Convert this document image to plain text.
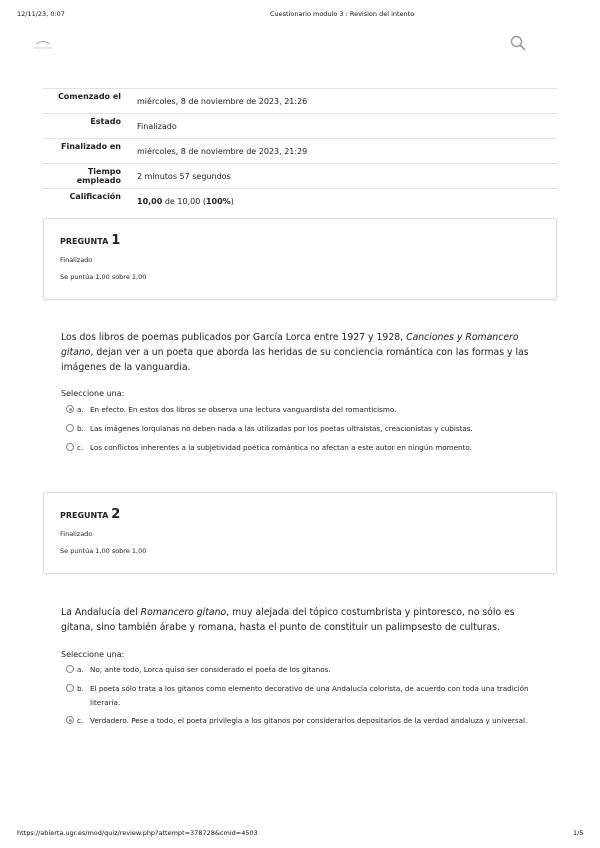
12/11/23, 0:07	Cuestionario modulo 3 : Revision del intento
Comenzado el	miércoles, 8 de noviembre de 2023, 21:26
Estado	Finalizado
Finalizado en	miércoles, 8 de noviembre de 2023, 21:29
Tiempo empleado	2 minutos 57 segundos
Calificación	10,00 de 10,00 (100%)
PREGUNTA 1
Finalizado
Se puntúa 1,00 sobre 1,00
Los dos libros de poemas publicados por García Lorca entre 1927 y 1928, Canciones y Romancero gitano, dejan ver a un poeta que aborda las heridas de su conciencia romántica con las formas y las imágenes de la vanguardia.
Seleccione una:
a. En efecto. En estos dos libros se observa una lectura vanguardista del romanticismo.
b. Las imágenes lorquianas no deben nada a las utilizadas por los poetas ultraístas, creacionistas y cubistas.
c. Los conflictos inherentes a la subjetividad poética romántica no afectan a este autor en ningún momento.
PREGUNTA 2
Finalizado
Se puntúa 1,00 sobre 1,00
La Andalucía del Romancero gitano, muy alejada del tópico costumbrista y pintoresco, no sólo es gitana, sino también árabe y romana, hasta el punto de constituir un palimpsesto de culturas.
Seleccione una:
a. No; ante todo, Lorca quiso ser considerado el poeta de los gitanos.
b. El poeta sólo trata a los gitanos como elemento decorativo de una Andalucía colorista, de acuerdo con toda una tradición literaria.
c. Verdadero. Pese a todo, el poeta privilegia a los gitanos por considerarlos depositarios de la verdad andaluza y universal.
https://abierta.ugr.es/mod/quiz/review.php?attempt=378728&cmid=4503	1/5
